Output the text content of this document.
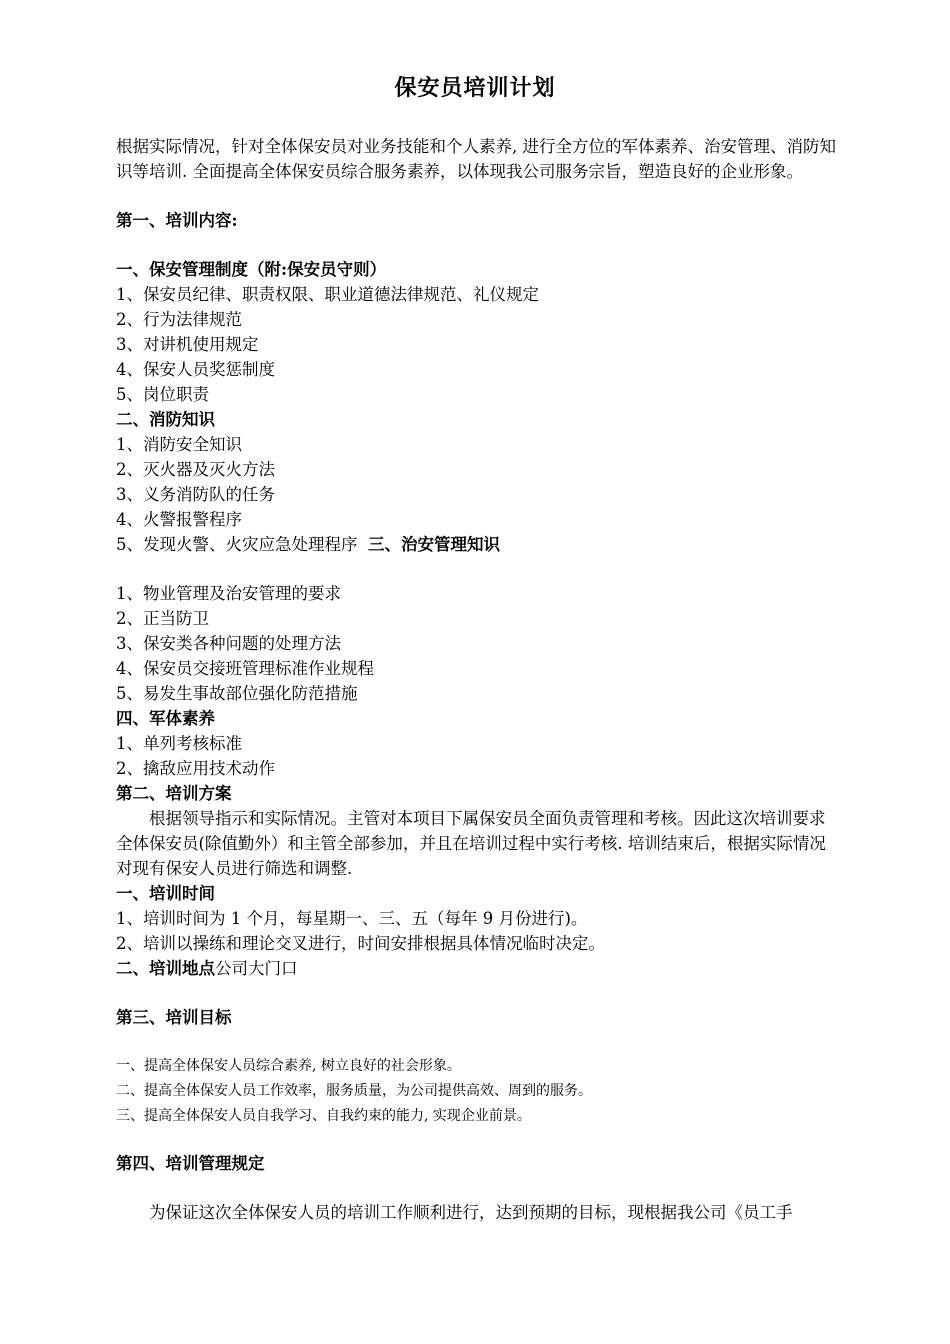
保安员培训计划

根据实际情况，针对全体保安员对业务技能和个人素养, 进行全方位的军体素养、治安管理、消防知识等培训. 全面提高全体保安员综合服务素养，以体现我公司服务宗旨，塑造良好的企业形象。

第一、培训内容:

一、保安管理制度（附:保安员守则）

1、保安员纪律、职责权限、职业道德法律规范、礼仪规定

2、行为法律规范

3、对讲机使用规定

4、保安人员奖惩制度

5、岗位职责

二、消防知识

1、消防安全知识

2、灭火器及灭火方法

3、义务消防队的任务

4、火警报警程序

5、发现火警、火灾应急处理程序 三、治安管理知识

1、物业管理及治安管理的要求

2、正当防卫

3、保安类各种问题的处理方法

4、保安员交接班管理标准作业规程

5、易发生事故部位强化防范措施

四、军体素养

1、单列考核标准

2、擒敌应用技术动作

第二、培训方案

根据领导指示和实际情况。主管对本项目下属保安员全面负责管理和考核。因此这次培训要求全体保安员(除值勤外）和主管全部参加，并且在培训过程中实行考核. 培训结束后，根据实际情况对现有保安人员进行筛选和调整.

一、培训时间

1、培训时间为 1 个月，每星期一、三、五（每年 9 月份进行)。

2、培训以操练和理论交叉进行，时间安排根据具体情况临时决定。

二、培训地点公司大门口

第三、培训目标

一、提高全体保安人员综合素养, 树立良好的社会形象。

二、提高全体保安人员工作效率，服务质量，为公司提供高效、周到的服务。

三、提高全体保安人员自我学习、自我约束的能力, 实现企业前景。

第四、培训管理规定

为保证这次全体保安人员的培训工作顺利进行，达到预期的目标，现根据我公司《员工手
